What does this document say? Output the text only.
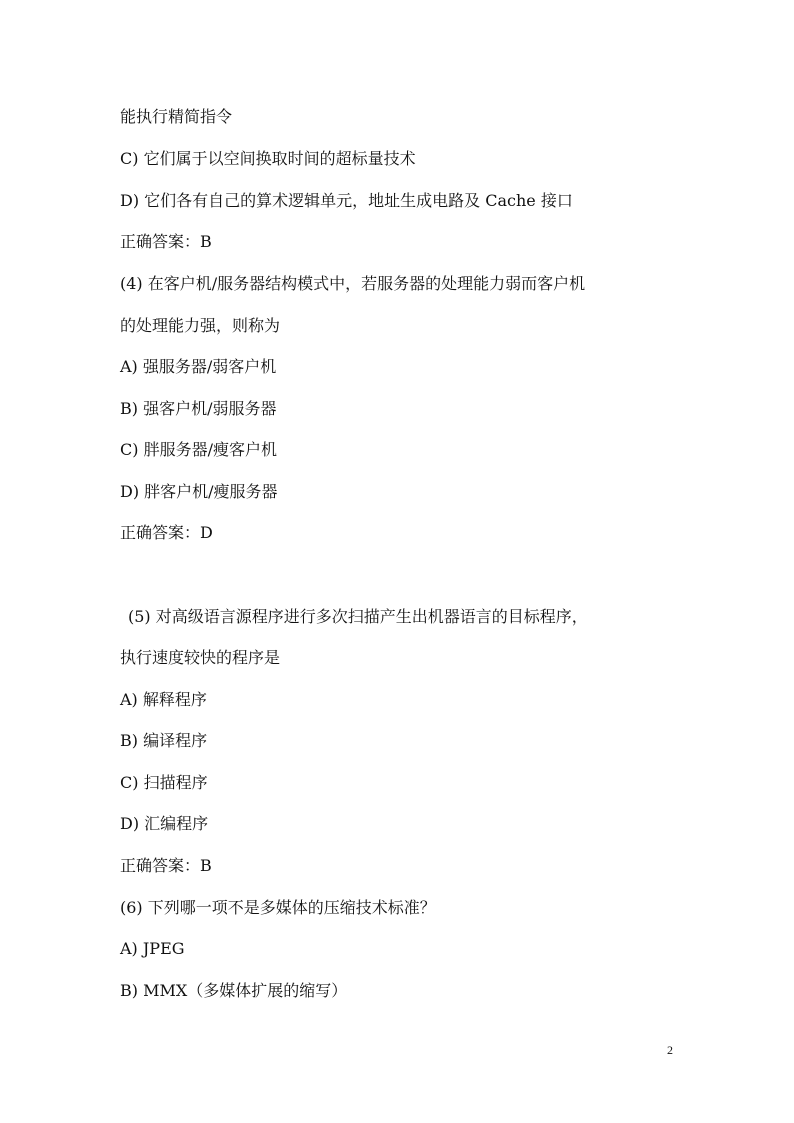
能执行精简指令
C) 它们属于以空间换取时间的超标量技术
D) 它们各有自己的算术逻辑单元，地址生成电路及 Cache 接口
正确答案：B
(4) 在客户机/服务器结构模式中，若服务器的处理能力弱而客户机
的处理能力强，则称为
A) 强服务器/弱客户机
B) 强客户机/弱服务器
C) 胖服务器/瘦客户机
D) 胖客户机/瘦服务器
正确答案：D
(5) 对高级语言源程序进行多次扫描产生出机器语言的目标程序，
执行速度较快的程序是
A) 解释程序
B) 编译程序
C) 扫描程序
D) 汇编程序
正确答案：B
(6) 下列哪一项不是多媒体的压缩技术标准？
A) JPEG
B) MMX（多媒体扩展的缩写）
2
